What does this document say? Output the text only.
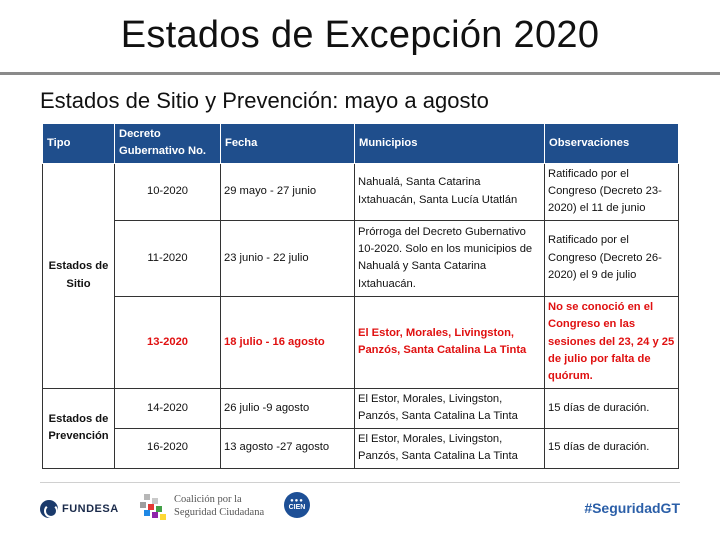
Estados de Excepción 2020
Estados de Sitio y Prevención: mayo a agosto
Tipo	Decreto Gubernativo No.	Fecha	Municipios	Observaciones
Estados de Sitio	10-2020	29 mayo - 27 junio	Nahualá, Santa Catarina Ixtahuacán, Santa Lucía Utatlán	Ratificado por el Congreso (Decreto 23-2020) el 11 de junio
	11-2020	23 junio - 22 julio	Prórroga del Decreto Gubernativo 10-2020. Solo en los municipios de Nahualá y Santa Catarina Ixtahuacán.	Ratificado por el Congreso (Decreto 26-2020) el 9 de julio
	13-2020	18 julio - 16 agosto	El Estor, Morales, Livingston, Panzós, Santa Catalina La Tinta	No se conoció en el Congreso en las sesiones del 23, 24 y 25 de julio por falta de quórum.
Estados de Prevención	14-2020	26 julio -9 agosto	El Estor, Morales, Livingston, Panzós, Santa Catalina La Tinta	15 días de duración.
	16-2020	13 agosto -27 agosto	El Estor, Morales, Livingston, Panzós, Santa Catalina La Tinta	15 días de duración.
FUNDESA
Coalición por la
Seguridad Ciudadana
●●●
CIEN	#SeguridadGT
